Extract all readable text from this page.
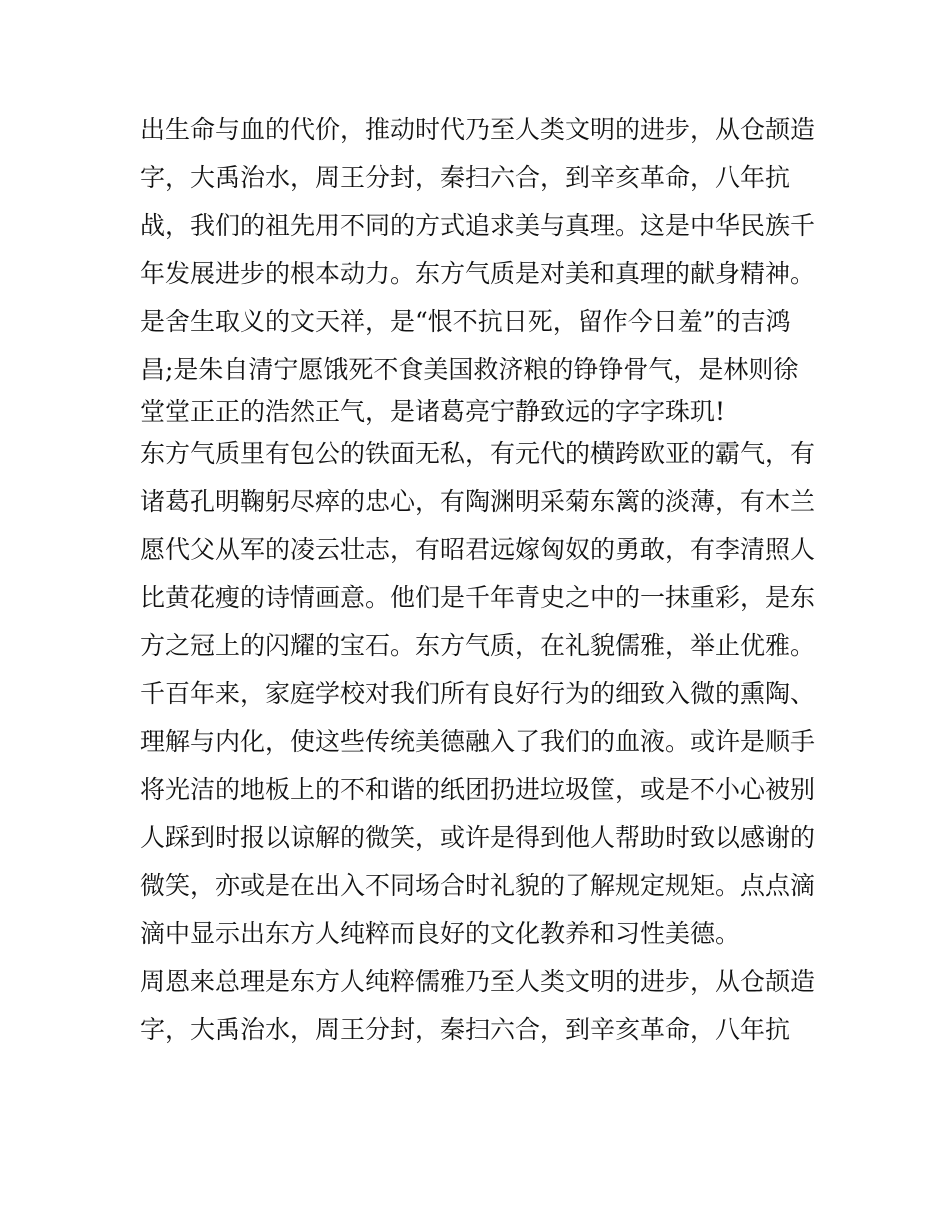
出生命与血的代价，推动时代乃至人类文明的进步，从仓颉造
字，大禹治水，周王分封，秦扫六合，到辛亥革命，八年抗
战，我们的祖先用不同的方式追求美与真理。这是中华民族千
年发展进步的根本动力。东方气质是对美和真理的献身精神。
是舍生取义的文天祥，是“恨不抗日死，留作今日羞”的吉鸿
昌;是朱自清宁愿饿死不食美国救济粮的铮铮骨气，是林则徐
堂堂正正的浩然正气，是诸葛亮宁静致远的字字珠玑!
东方气质里有包公的铁面无私，有元代的横跨欧亚的霸气，有
诸葛孔明鞠躬尽瘁的忠心，有陶渊明采菊东篱的淡薄，有木兰
愿代父从军的凌云壮志，有昭君远嫁匈奴的勇敢，有李清照人
比黄花瘦的诗情画意。他们是千年青史之中的一抹重彩，是东
方之冠上的闪耀的宝石。东方气质，在礼貌儒雅，举止优雅。
千百年来，家庭学校对我们所有良好行为的细致入微的熏陶、
理解与内化，使这些传统美德融入了我们的血液。或许是顺手
将光洁的地板上的不和谐的纸团扔进垃圾筐，或是不小心被别
人踩到时报以谅解的微笑，或许是得到他人帮助时致以感谢的
微笑，亦或是在出入不同场合时礼貌的了解规定规矩。点点滴
滴中显示出东方人纯粹而良好的文化教养和习性美德。
周恩来总理是东方人纯粹儒雅乃至人类文明的进步，从仓颉造
字，大禹治水，周王分封，秦扫六合，到辛亥革命，八年抗
